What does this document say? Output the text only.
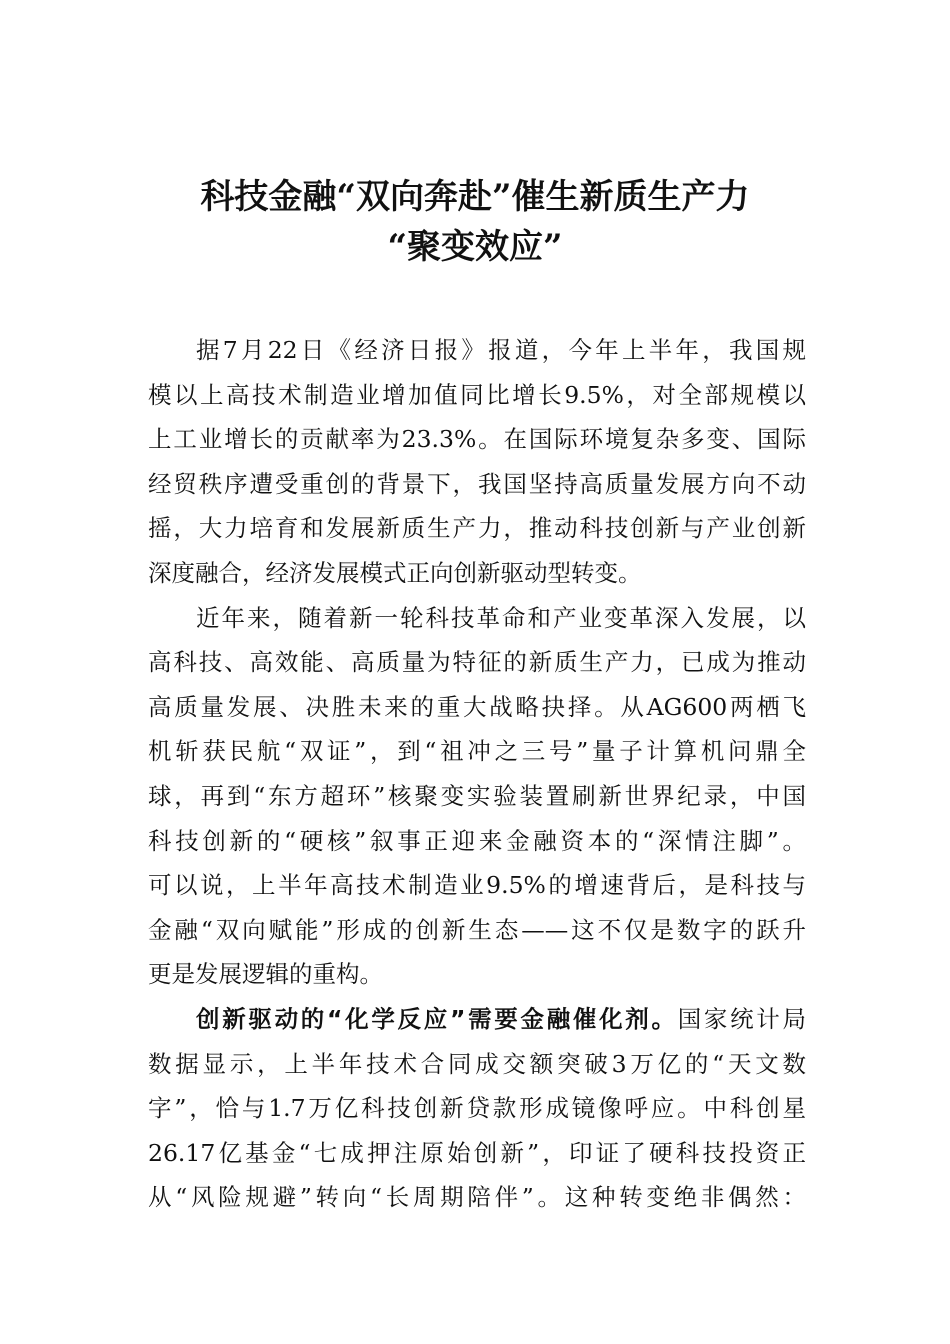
科技金融“双向奔赴”催生新质生产力
“聚变效应”
据7月22日《经济日报》报道，今年上半年，我国规
模以上高技术制造业增加值同比增长9.5%，对全部规模以
上工业增长的贡献率为23.3%。在国际环境复杂多变、国际
经贸秩序遭受重创的背景下，我国坚持高质量发展方向不动
摇，大力培育和发展新质生产力，推动科技创新与产业创新
深度融合，经济发展模式正向创新驱动型转变。
近年来，随着新一轮科技革命和产业变革深入发展，以
高科技、高效能、高质量为特征的新质生产力，已成为推动
高质量发展、决胜未来的重大战略抉择。从AG600两栖飞
机斩获民航“双证”，到“祖冲之三号”量子计算机问鼎全
球，再到“东方超环”核聚变实验装置刷新世界纪录，中国
科技创新的“硬核”叙事正迎来金融资本的“深情注脚”。
可以说，上半年高技术制造业9.5%的增速背后，是科技与
金融“双向赋能”形成的创新生态——这不仅是数字的跃升
更是发展逻辑的重构。
创新驱动的“化学反应”需要金融催化剂。国家统计局
数据显示，上半年技术合同成交额突破3万亿的“天文数
字”，恰与1.7万亿科技创新贷款形成镜像呼应。中科创星
26.17亿基金“七成押注原始创新”，印证了硬科技投资正
从“风险规避”转向“长周期陪伴”。这种转变绝非偶然：
